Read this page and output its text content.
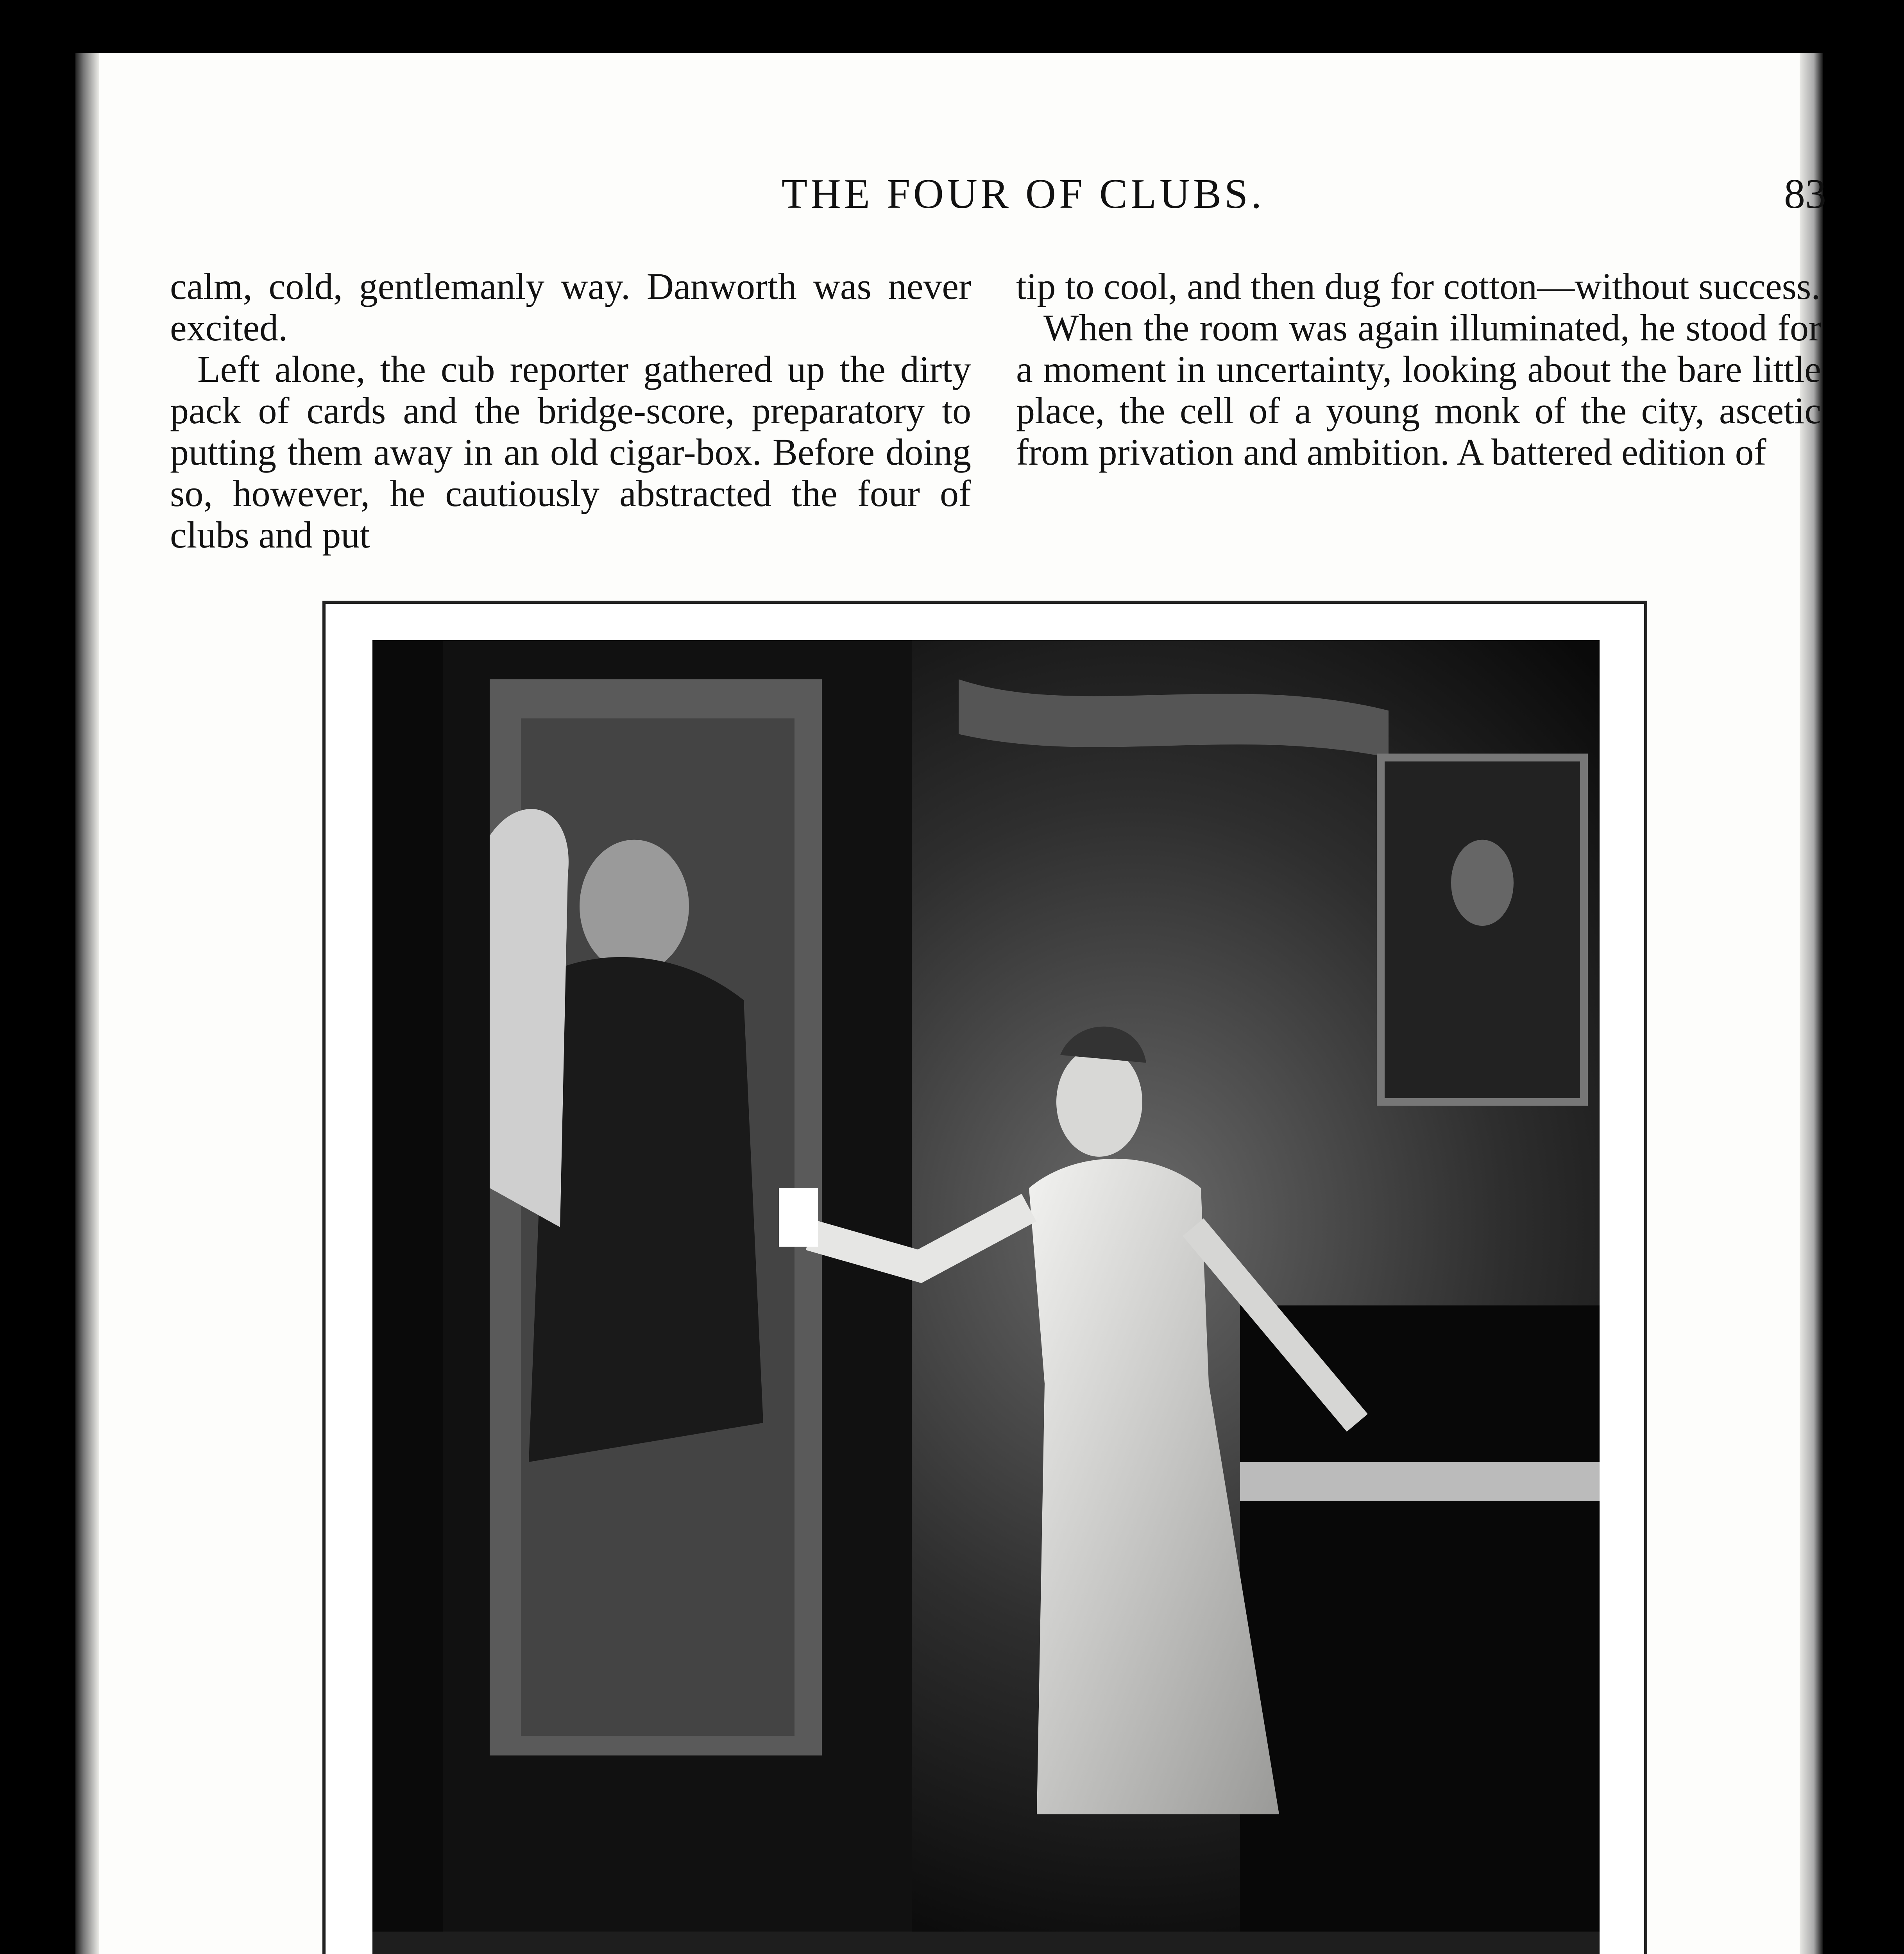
THE FOUR OF CLUBS.	83

calm, cold, gentlemanly way. Danworth was never excited.

Left alone, the cub reporter gathered up the dirty pack of cards and the bridge-score, preparatory to putting them away in an old cigar-box. Before doing so, however, he cautiously abstracted the four of clubs and put

tip to cool, and then dug for cotton—without success.

When the room was again illuminated, he stood for a moment in uncertainty, looking about the bare little place, the cell of a young monk of the city, ascetic from privation and ambition. A battered edition of
